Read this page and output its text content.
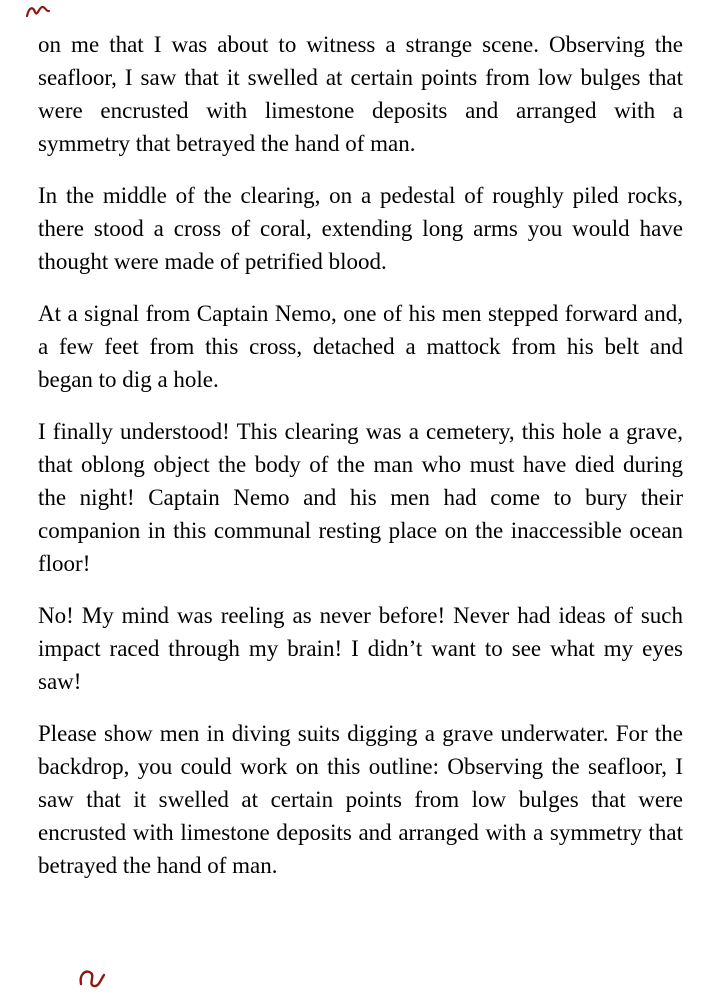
on me that I was about to witness a strange scene. Observing the seafloor, I saw that it swelled at certain points from low bulges that were encrusted with limestone deposits and arranged with a symmetry that betrayed the hand of man.

In the middle of the clearing, on a pedestal of roughly piled rocks, there stood a cross of coral, extending long arms you would have thought were made of petrified blood.

At a signal from Captain Nemo, one of his men stepped forward and, a few feet from this cross, detached a mattock from his belt and began to dig a hole.

I finally understood! This clearing was a cemetery, this hole a grave, that oblong object the body of the man who must have died during the night! Captain Nemo and his men had come to bury their companion in this communal resting place on the inaccessible ocean floor!

No! My mind was reeling as never before! Never had ideas of such impact raced through my brain! I didn’t want to see what my eyes saw!

Please show men in diving suits digging a grave underwater. For the backdrop, you could work on this outline: Observing the seafloor, I saw that it swelled at certain points from low bulges that were encrusted with limestone deposits and arranged with a symmetry that betrayed the hand of man.
